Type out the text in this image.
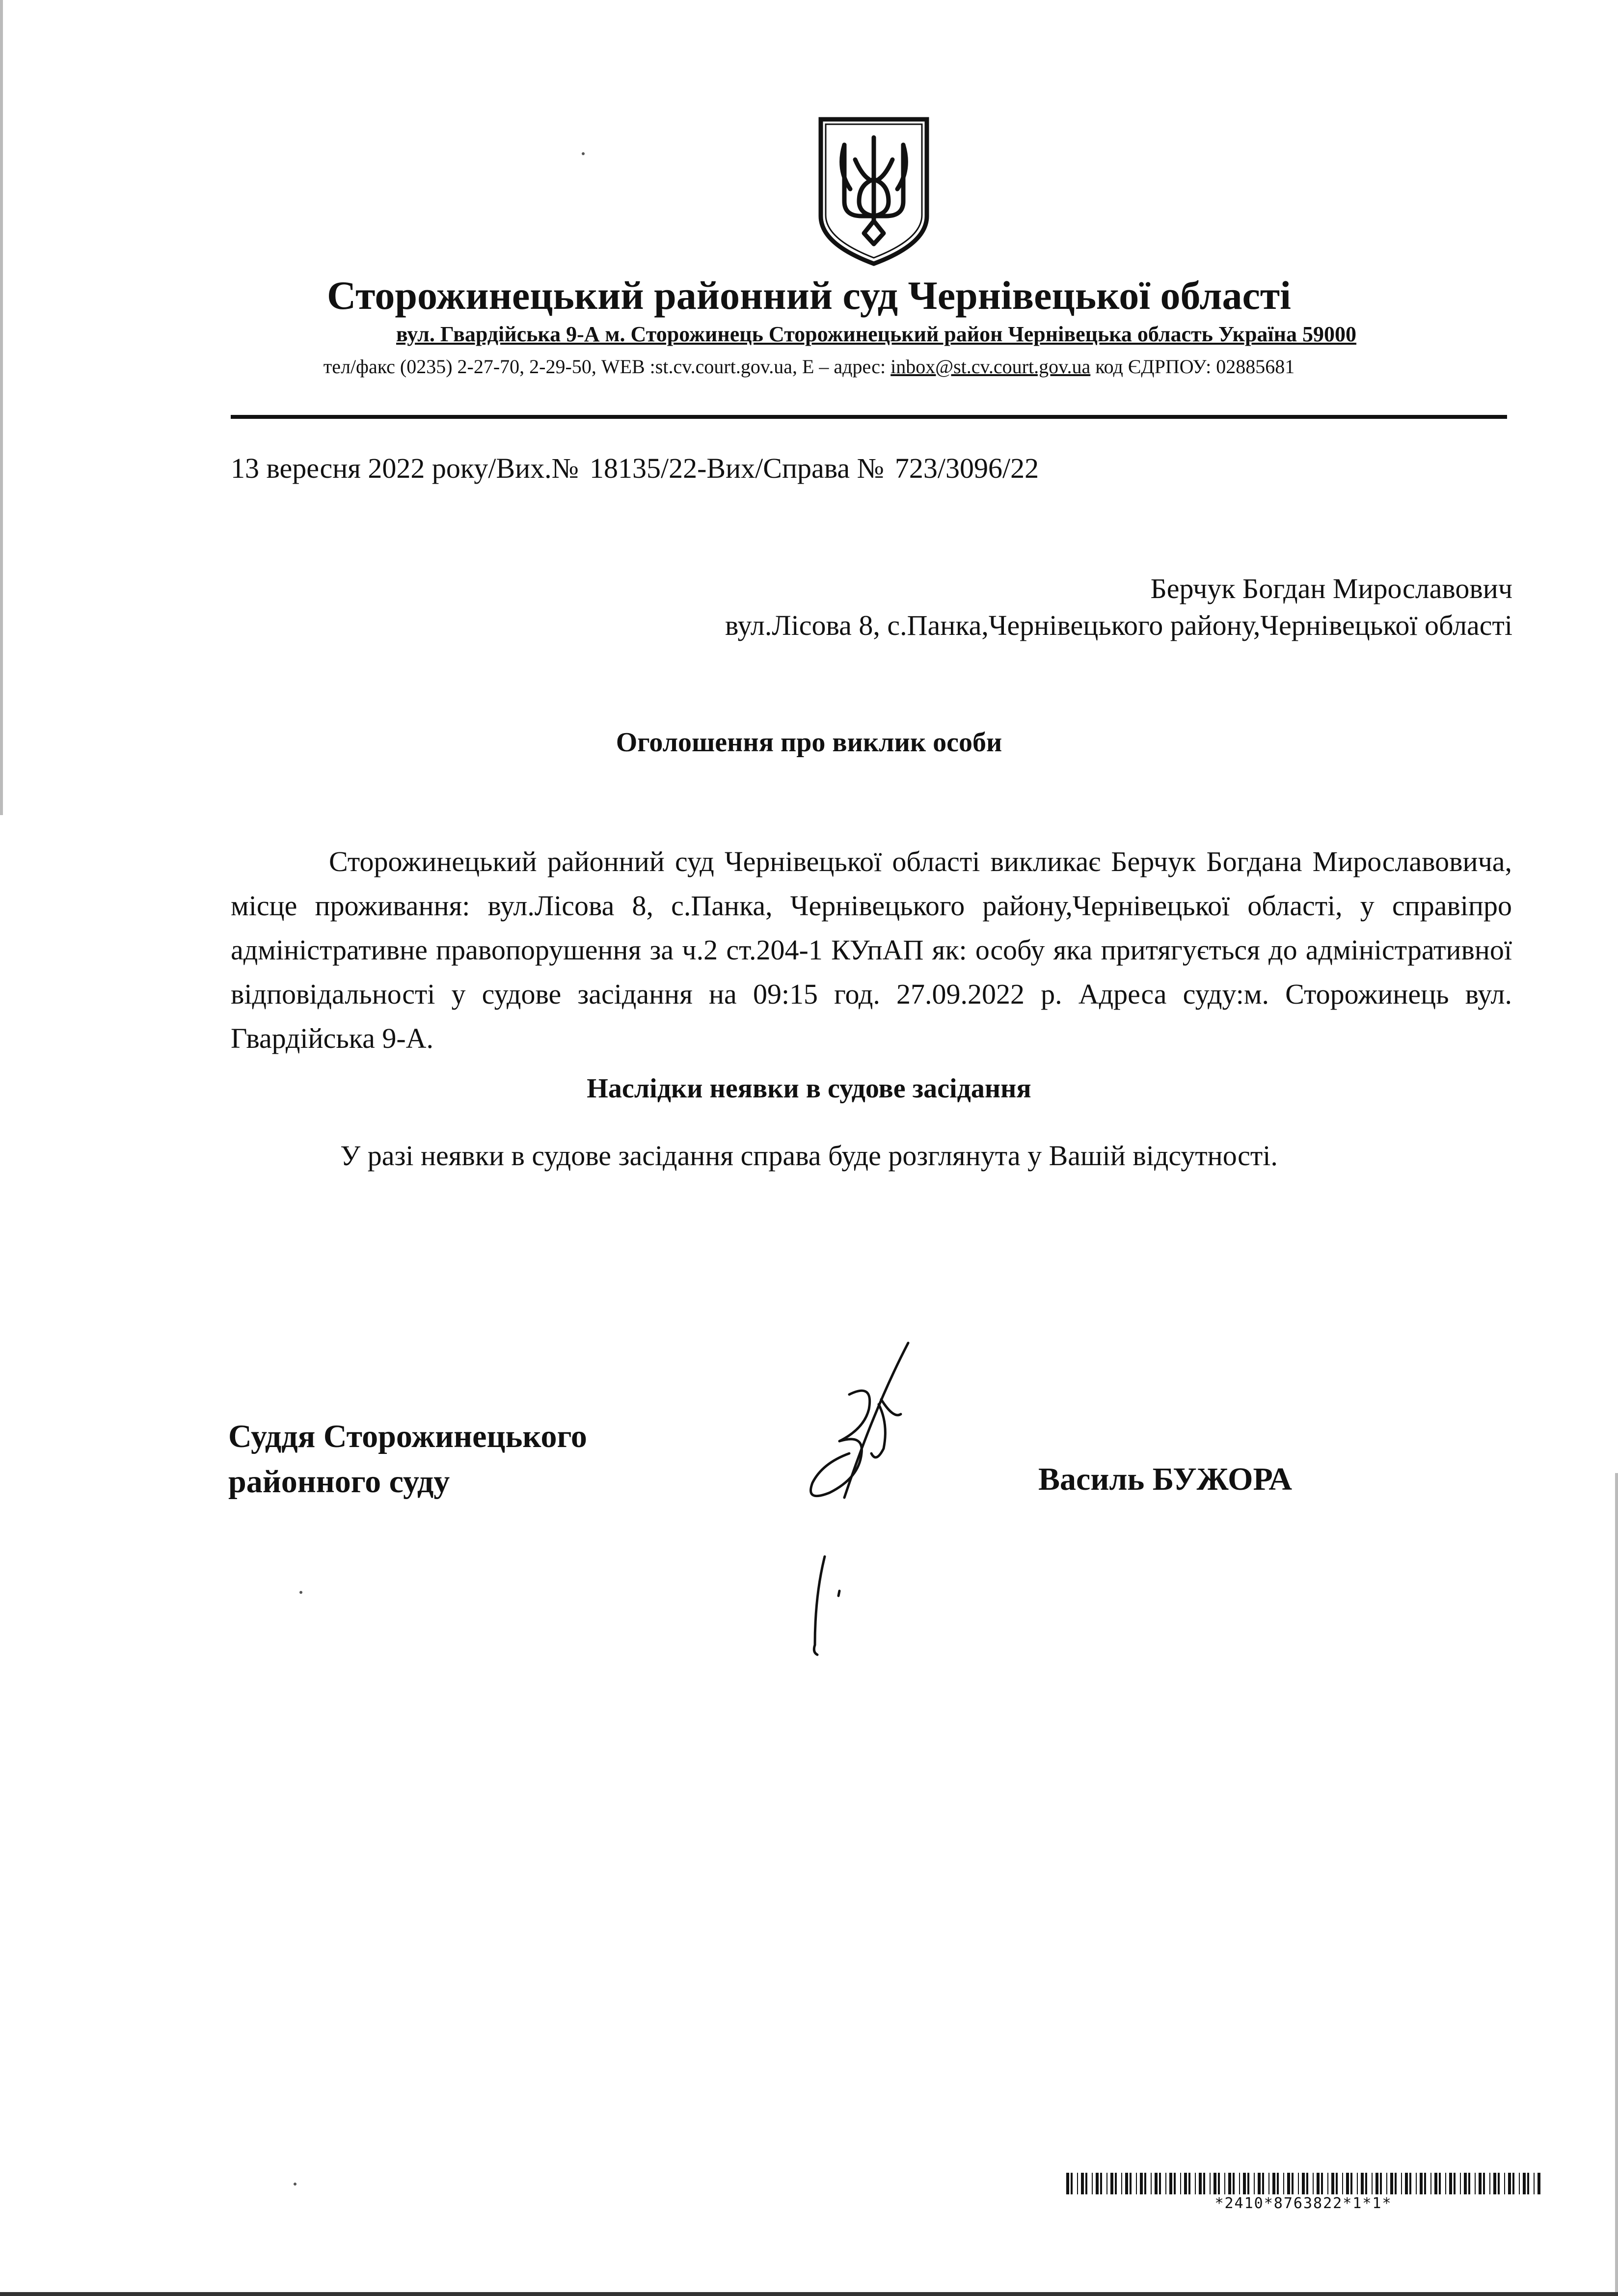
Сторожинецький районний суд Чернівецької області
вул. Гвардійська 9-А м. Сторожинець Сторожинецький район Чернівецька область Україна 59000
тел/факс (0235) 2-27-70, 2-29-50, WEB :st.cv.court.gov.ua, E – адрес: inbox@st.cv.court.gov.ua код ЄДРПОУ: 02885681
13 вересня 2022 року/Вих.№ 18135/22-Вих/Справа № 723/3096/22
Берчук Богдан Мирославович
вул.Лісова 8, с.Панка,Чернівецького району,Чернівецької області
Оголошення про виклик особи
Сторожинецький районний суд Чернівецької області викликає Берчук Богдана Мирославовича, місце проживання: вул.Лісова 8, с.Панка, Чернівецького району,Чернівецької області, у справіпро адміністративне правопорушення за ч.2 ст.204-1 КУпАП як: особу яка притягується до адміністративної відповідальності у судове засідання на 09:15 год. 27.09.2022 р. Адреса суду:м. Сторожинець вул. Гвардійська 9-А.
Наслідки неявки в судове засідання
У разі неявки в судове засідання справа буде розглянута у Вашій відсутності.
Суддя Сторожинецького
районного суду	Василь БУЖОРА
*2410*8763822*1*1*
